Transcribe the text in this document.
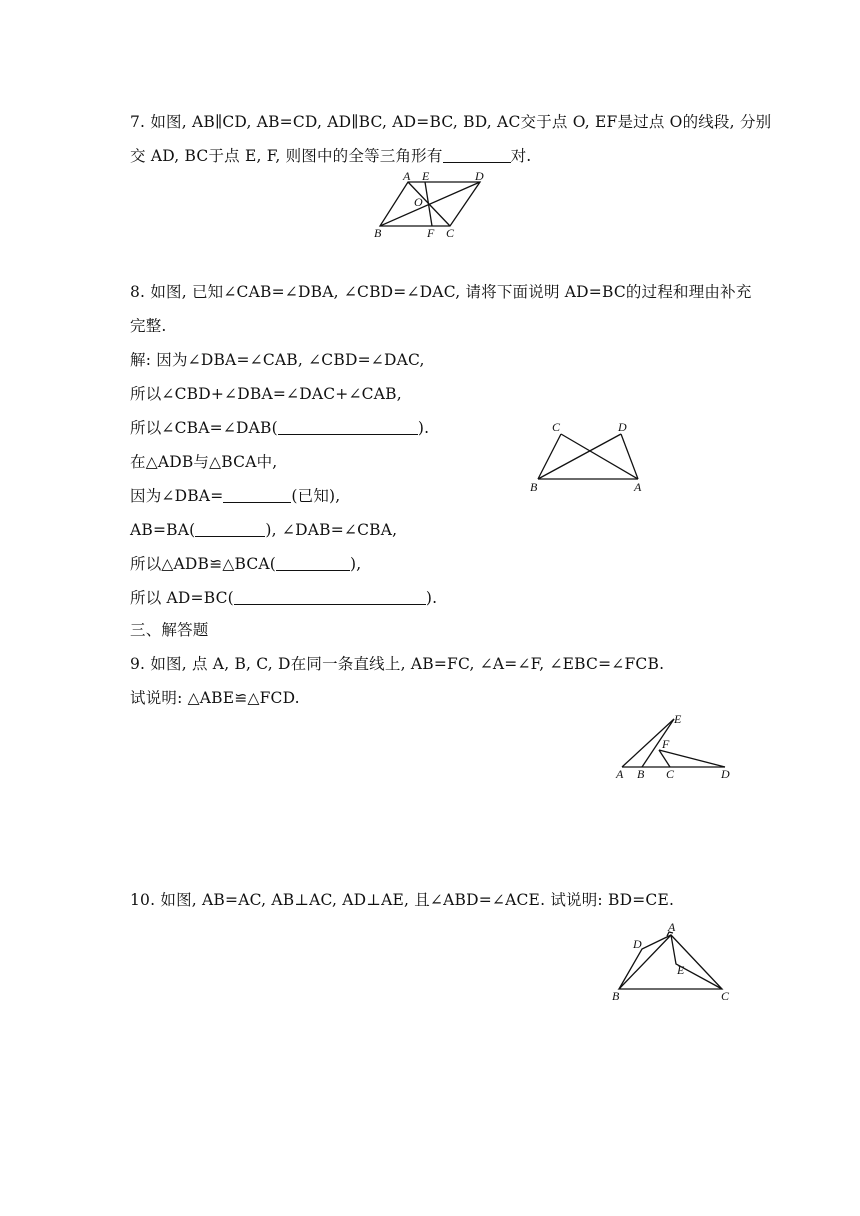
7. 如图, AB∥CD, AB=CD, AD∥BC, AD=BC, BD, AC交于点 O, EF是过点 O的线段, 分别
交 AD, BC于点 E, F, 则图中的全等三角形有	对.
A E	D
O
B	F C
8. 如图, 已知∠CAB=∠DBA, ∠CBD=∠DAC, 请将下面说明 AD=BC的过程和理由补充
完整.
解: 因为∠DBA=∠CAB, ∠CBD=∠DAC,
所以∠CBD+∠DBA=∠DAC+∠CAB,
所以∠CBA=∠DAB(	).
在△ADB与△BCA中,
因为∠DBA=	(已知),
AB=BA(	), ∠DAB=∠CBA,
所以△ADB≌△BCA(	),
所以 AD=BC(	).
C	D
B	A
三、解答题
9. 如图, 点 A, B, C, D在同一条直线上, AB=FC, ∠A=∠F, ∠EBC=∠FCB.
试说明: △ABE≌△FCD.
E
F
A B C	D
10. 如图, AB=AC, AB⊥AC, AD⊥AE, 且∠ABD=∠ACE. 试说明: BD=CE.
A
D
E
B	C
